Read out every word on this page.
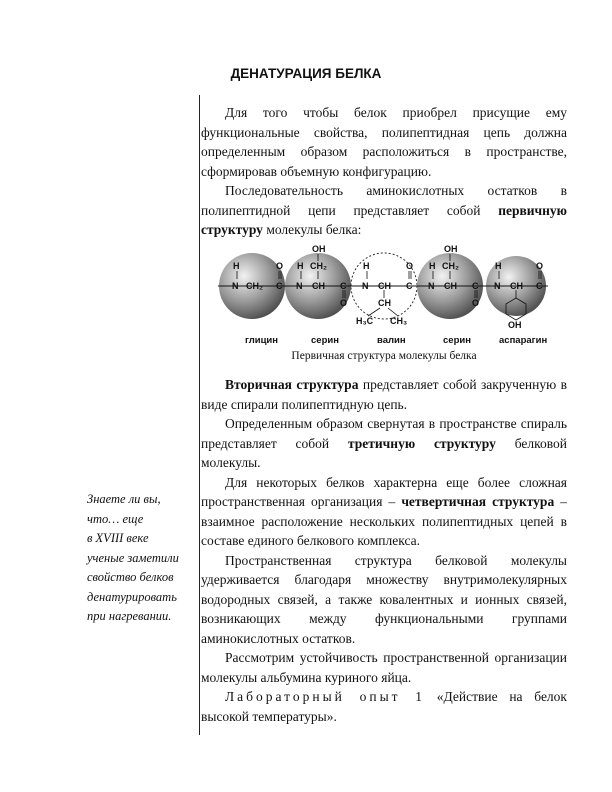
ДЕНАТУРАЦИЯ БЕЛКА

Знаете ли вы,
что… еще
в XVIII веке
ученые заметили
свойство белков
денатурировать
при нагревании.

Для того чтобы белок приобрел присущие ему функциональные свойства, полипептидная цепь должна определенным образом расположиться в пространстве, сформировав объемную конфигурацию.

Последовательность аминокислотных остатков в полипептидной цепи представляет собой первичную структуру молекулы белка:

N CH₂ C N CH C N CH C N CH C N CH C
H	O H
O
H	O H
O
H	O
OH
CH₂
OH
CH₂
CH
H₃C CH₃	OH
Первичная структура молекулы белка
глицин	серин	валин	серин	аспарагин

Вторичная структура представляет собой закрученную в виде спирали полипептидную цепь.

Определенным образом свернутая в пространстве спираль представляет собой третичную структуру белковой молекулы.

Для некоторых белков характерна еще более сложная пространственная организация – четвертичная структура – взаимное расположение нескольких полипептидных цепей в составе единого белкового комплекса.

Пространственная структура белковой молекулы удерживается благодаря множеству внутримолекулярных водородных связей, а также ковалентных и ионных связей, возникающих между функциональными группами аминокислотных остатков.

Рассмотрим устойчивость пространственной организации молекулы альбумина куриного яйца.

Лабораторный опыт 1 «Действие на белок высокой температуры».
